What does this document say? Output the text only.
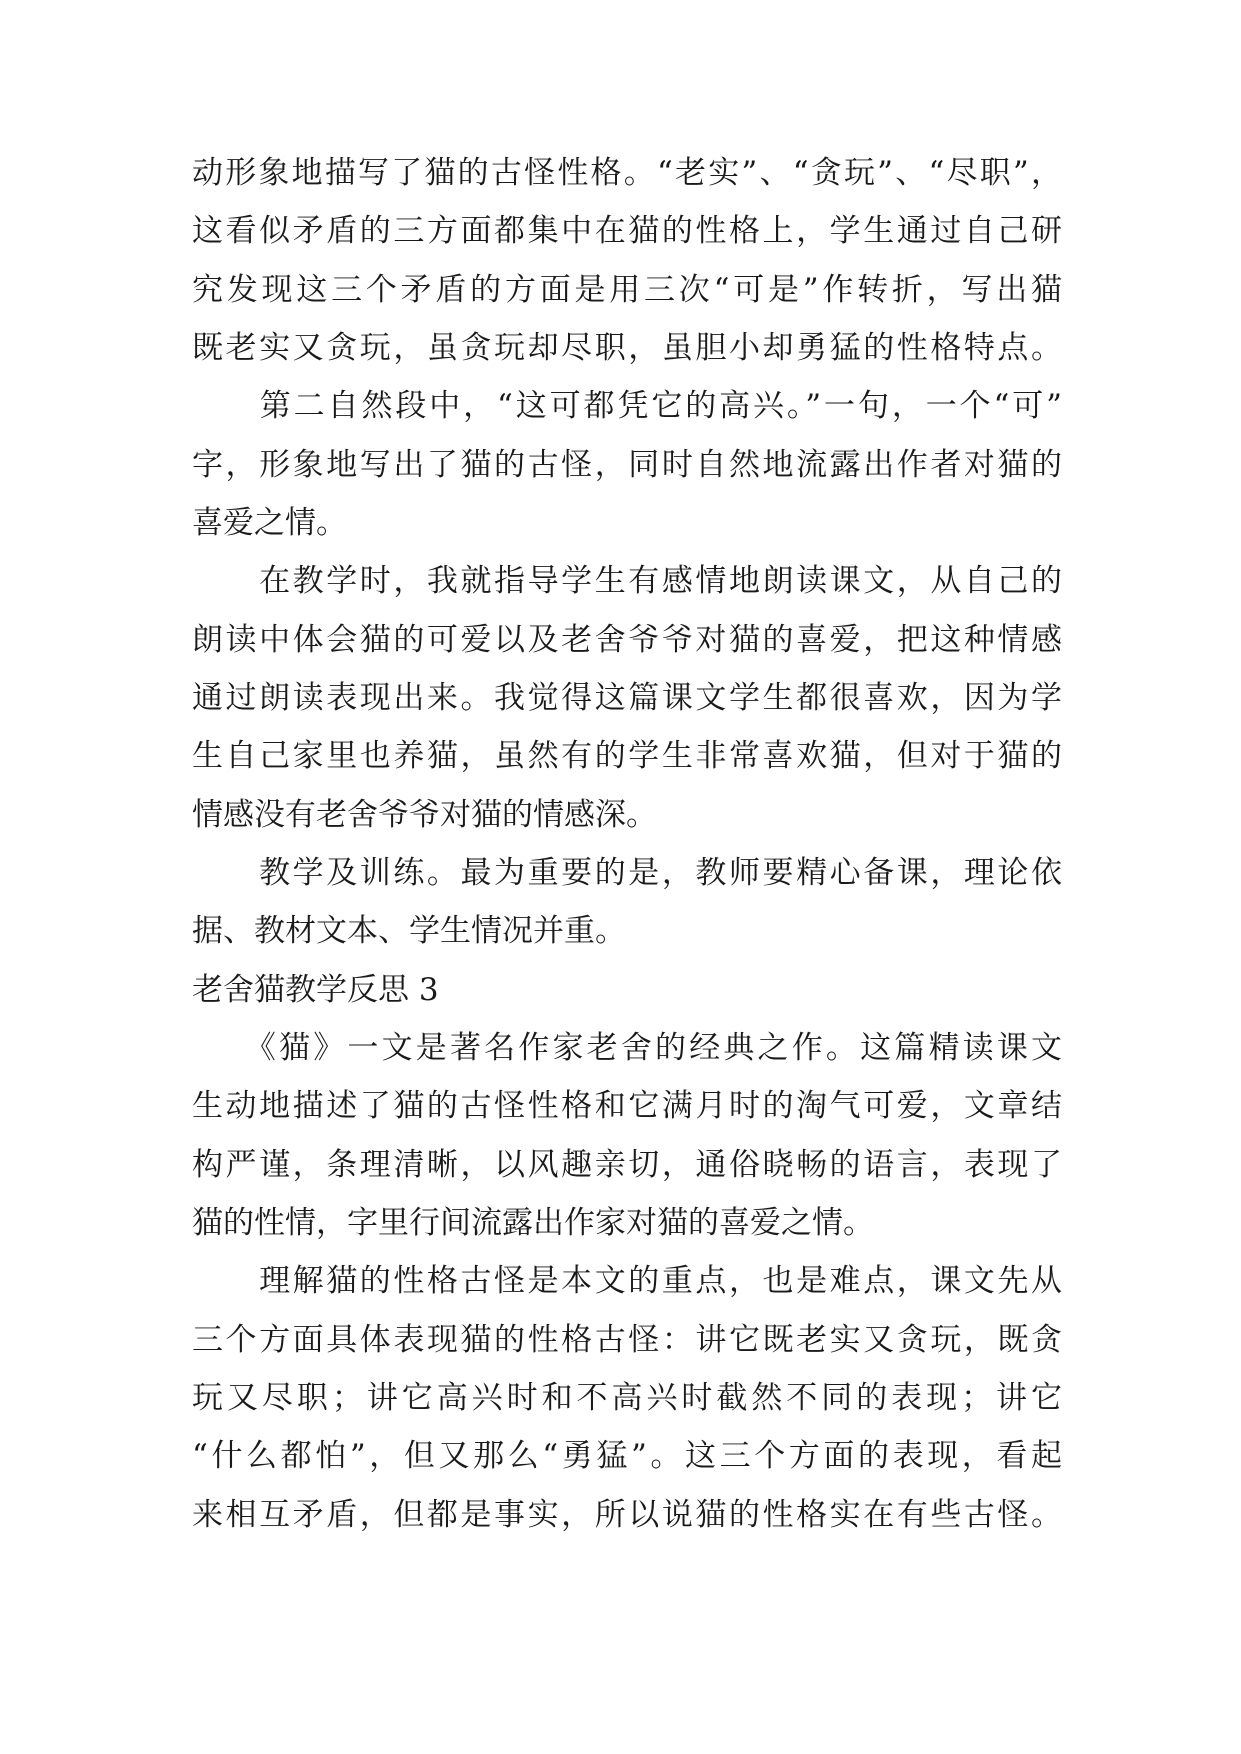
动形象地描写了猫的古怪性格。“老实”、“贪玩”、“尽职”，
这看似矛盾的三方面都集中在猫的性格上，学生通过自己研
究发现这三个矛盾的方面是用三次“可是”作转折，写出猫
既老实又贪玩，虽贪玩却尽职，虽胆小却勇猛的性格特点。
　　第二自然段中，“这可都凭它的高兴。”一句，一个“可”
字，形象地写出了猫的古怪，同时自然地流露出作者对猫的
喜爱之情。
　　在教学时，我就指导学生有感情地朗读课文，从自己的
朗读中体会猫的可爱以及老舍爷爷对猫的喜爱，把这种情感
通过朗读表现出来。我觉得这篇课文学生都很喜欢，因为学
生自己家里也养猫，虽然有的学生非常喜欢猫，但对于猫的
情感没有老舍爷爷对猫的情感深。
　　教学及训练。最为重要的是，教师要精心备课，理论依
据、教材文本、学生情况并重。
老舍猫教学反思 3
　　《猫》一文是著名作家老舍的经典之作。这篇精读课文
生动地描述了猫的古怪性格和它满月时的淘气可爱，文章结
构严谨，条理清晰，以风趣亲切，通俗晓畅的语言，表现了
猫的性情，字里行间流露出作家对猫的喜爱之情。
　　理解猫的性格古怪是本文的重点，也是难点，课文先从
三个方面具体表现猫的性格古怪：讲它既老实又贪玩，既贪
玩又尽职；讲它高兴时和不高兴时截然不同的表现；讲它
“什么都怕”，但又那么“勇猛”。这三个方面的表现，看起
来相互矛盾，但都是事实，所以说猫的性格实在有些古怪。
